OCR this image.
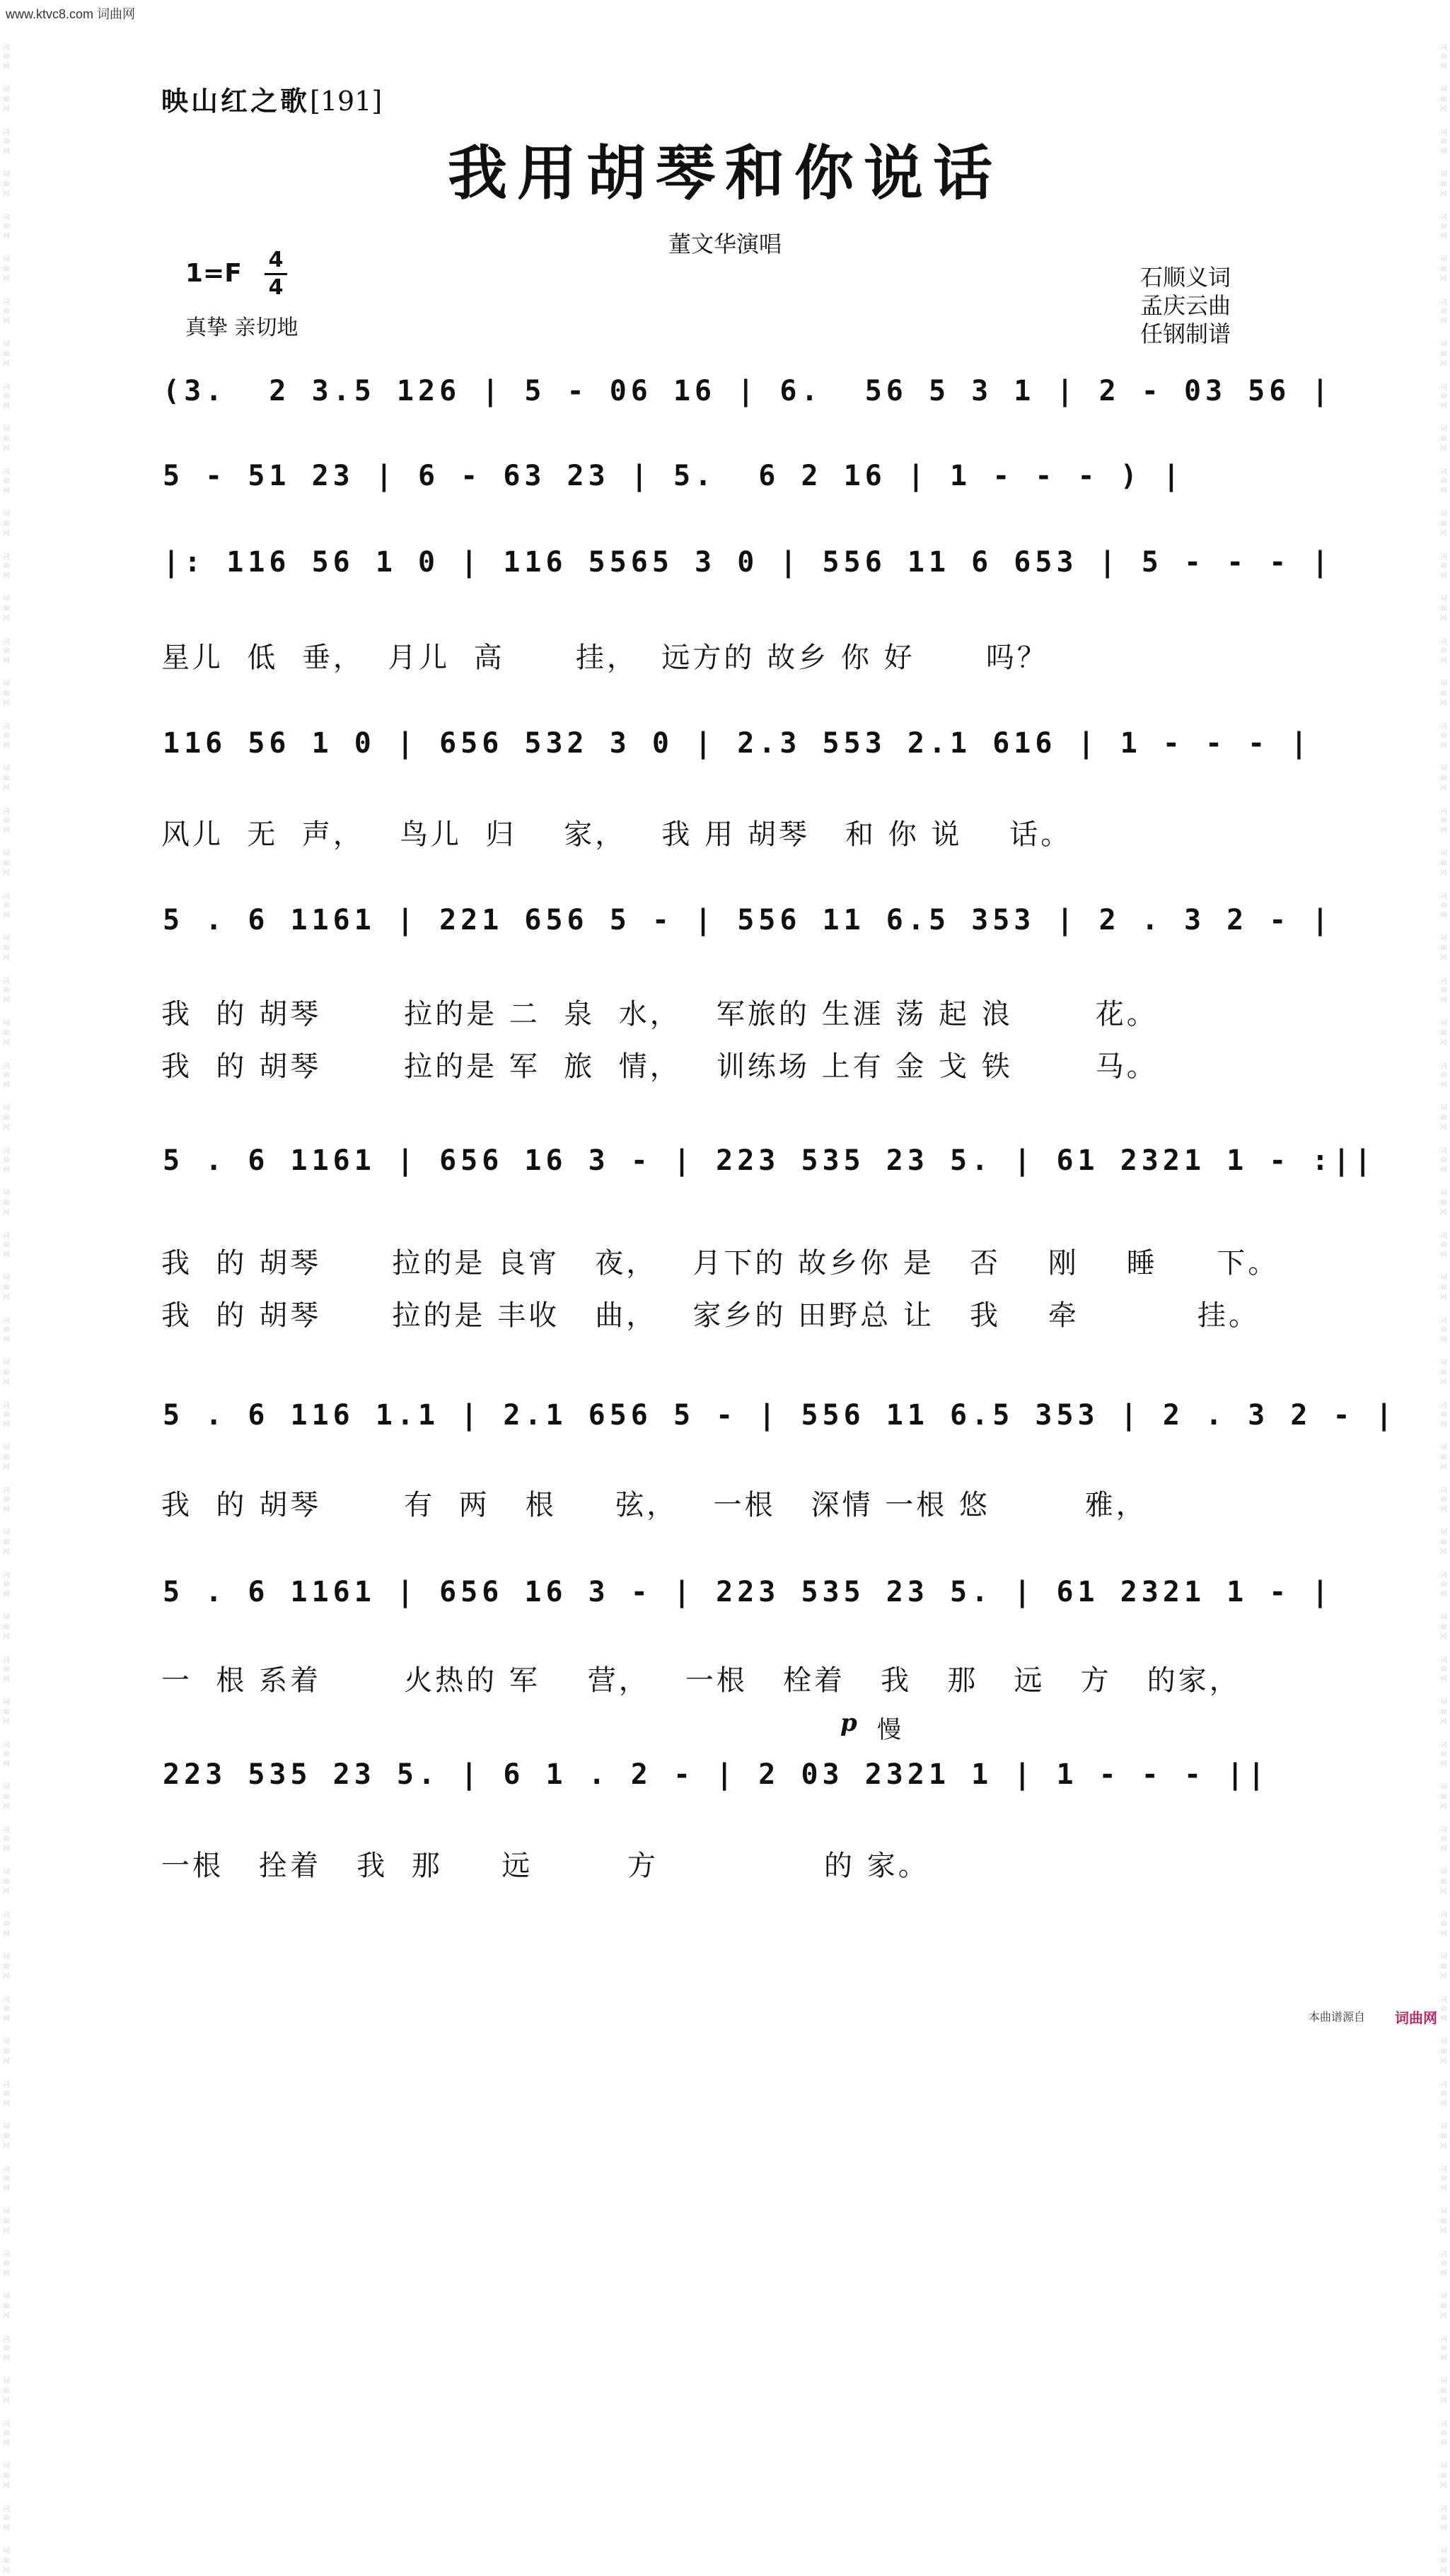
www.ktvc8.com 词曲网
词曲网
词曲网
词曲网
词曲网
词曲网
词曲网
词曲网
词曲网
词曲网
词曲网
词曲网
词曲网
词曲网
词曲网
词曲网
词曲网
词曲网
词曲网
词曲网
词曲网
词曲网
词曲网
词曲网
词曲网
词曲网
词曲网
词曲网
词曲网
词曲网
词曲网
词曲网
词曲网
词曲网
词曲网
词曲网
词曲网
词曲网
词曲网
词曲网
词曲网
词曲网
词曲网
词曲网
词曲网
词曲网
词曲网
词曲网
词曲网
词曲网
词曲网
词曲网
词曲网
词曲网
词曲网
词曲网
词曲网
词曲网
词曲网
词曲网
词曲网
词曲网
词曲网
词曲网
词曲网
词曲网
词曲网
词曲网
词曲网
词曲网
词曲网
词曲网
词曲网
词曲网
词曲网
词曲网
词曲网
词曲网
词曲网
词曲网
词曲网
词曲网
词曲网
词曲网
词曲网
词曲网
词曲网
词曲网
词曲网
词曲网
词曲网
词曲网
词曲网
词曲网
词曲网
词曲网
词曲网
词曲网
词曲网
词曲网
词曲网
词曲网
词曲网
词曲网
词曲网
词曲网
词曲网
词曲网
词曲网
词曲网
词曲网
词曲网
词曲网
词曲网
词曲网
词曲网
词曲网
词曲网
词曲网
词曲网
词曲网
映山红之歌[191]
我用胡琴和你说话
董文华演唱
1=F	4
4
真挚 亲切地
石顺义词
孟庆云曲
任钢制谱
(3.  2 3.5 126 | 5 - 06 16 | 6.  56 5 3 1 | 2 - 03 56 |
5 - 51 23 | 6 - 63 23 | 5.  6 2 16 | 1 - - - ) |
|: 116 56 1 0 | 116 5565 3 0 | 556 11 6 653 | 5 - - - |
星儿  低  垂，  月儿  高      挂，  远方的 故乡 你 好      吗？
116 56 1 0 | 656 532 3 0 | 2.3 553 2.1 616 | 1 - - - |
风儿  无  声，   鸟儿  归    家，   我 用 胡琴   和 你 说    话。
5 . 6 1161 | 221 656 5 - | 556 11 6.5 353 | 2 . 3 2 - |
我  的 胡琴       拉的是 二  泉  水，   军旅的 生涯 荡 起 浪       花。
我  的 胡琴       拉的是 军  旅  情，   训练场 上有 金 戈 铁       马。
5 . 6 1161 | 656 16 3 - | 223 535 23 5. | 61 2321 1 - :||
我  的 胡琴      拉的是 良宵   夜，   月下的 故乡你 是   否    刚    睡     下。
我  的 胡琴      拉的是 丰收   曲，   家乡的 田野总 让   我    牵          挂。
5 . 6 116 1.1 | 2.1 656 5 - | 556 11 6.5 353 | 2 . 3 2 - |
我  的 胡琴       有  两   根     弦，   一根   深情 一根 悠        雅，
5 . 6 1161 | 656 16 3 - | 223 535 23 5. | 61 2321 1 - |
一  根 系着       火热的 军    营，   一根   栓着   我   那   远   方   的家，
p 慢
223 535 23 5. | 6 1 . 2 - | 2 03 2321 1 | 1 - - - ||
一根   拴着   我  那     远        方              的 家。
本曲谱源自 词曲网
